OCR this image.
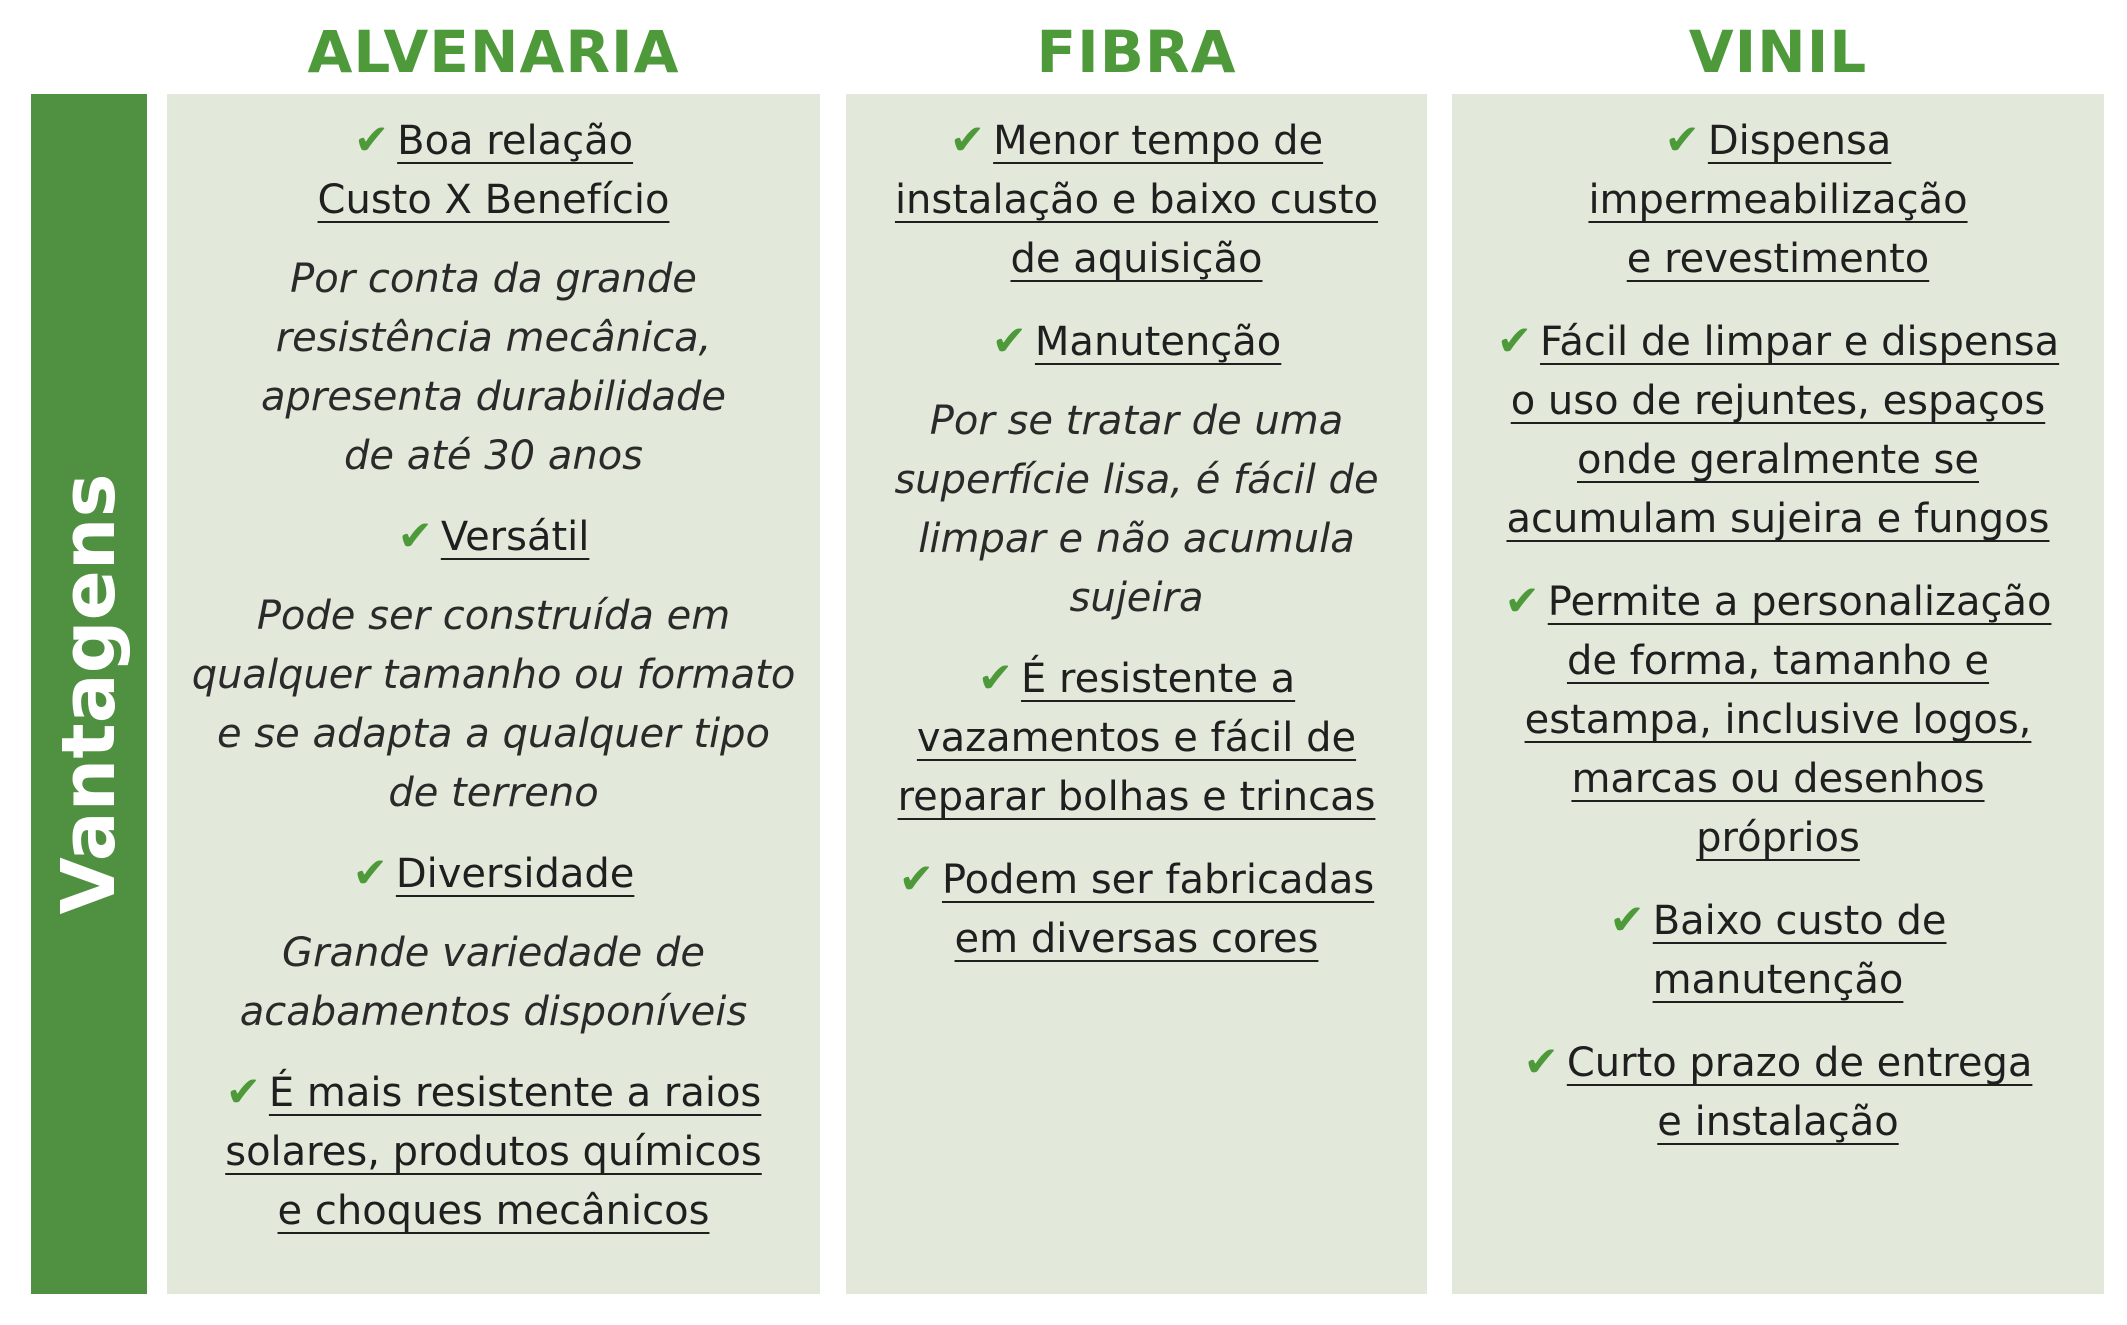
ALVENARIA	FIBRA	VINIL
Vantagens
✔ Boa relação
Custo X Benefício
Por conta da grande
resistência mecânica,
apresenta durabilidade
de até 30 anos
✔ Versátil
Pode ser construída em
qualquer tamanho ou formato
e se adapta a qualquer tipo
de terreno
✔ Diversidade
Grande variedade de
acabamentos disponíveis
✔ É mais resistente a raios
solares, produtos químicos
e choques mecânicos
✔ Menor tempo de
instalação e baixo custo
de aquisição
✔ Manutenção
Por se tratar de uma
superfície lisa, é fácil de
limpar e não acumula sujeira
✔ É resistente a
vazamentos e fácil de
reparar bolhas e trincas
✔ Podem ser fabricadas
em diversas cores
✔ Dispensa
impermeabilização
e revestimento
✔ Fácil de limpar e dispensa
o uso de rejuntes, espaços
onde geralmente se
acumulam sujeira e fungos
✔ Permite a personalização
de forma, tamanho e
estampa, inclusive logos,
marcas ou desenhos
próprios
✔ Baixo custo de
manutenção
✔ Curto prazo de entrega
e instalação
